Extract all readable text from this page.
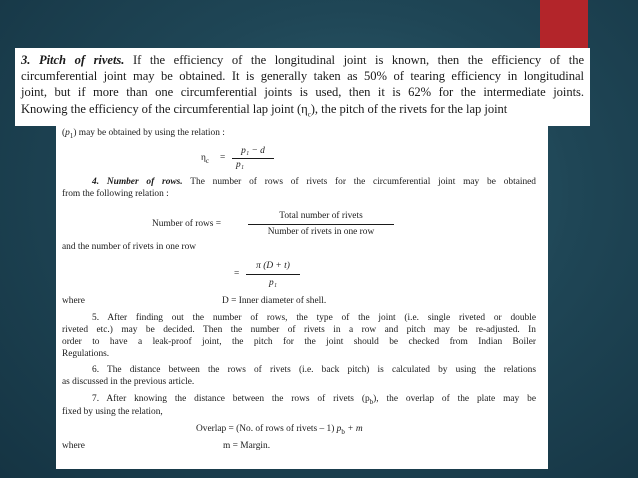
3. Pitch of rivets. If the efficiency of the longitudinal joint is known, then the efficiency of the

circumferential joint may be obtained. It is generally taken as 50% of tearing efficiency in longitudinal

joint, but if more than one circumferential joints is used, then it is 62% for the intermediate joints.

Knowing the efficiency of the circumferential lap joint $(\eta_c)$, the pitch of the rivets for the lap joint

$(p_1)$ may be obtained by using the relation :
$\eta_c$ =
p₁ − d
p₁
4. Number of rows. The number of rows of rivets for the circumferential joint may be obtained
from the following relation :
Number of rows =
Total number of rivets
Number of rivets in one row
and the number of rivets in one row
=
π (D + t)
p₁
where	D = Inner diameter of shell.
5. After finding out the number of rows, the type of the joint (i.e. single riveted or double
riveted etc.) may be decided. Then the number of rivets in a row and pitch may be re-adjusted. In
order to have a leak-proof joint, the pitch for the joint should be checked from Indian Boiler
Regulations.
6. The distance between the rows of rivets (i.e. back pitch) is calculated by using the relations
as discussed in the previous article.
7. After knowing the distance between the rows of rivets $(p_b)$, the overlap of the plate may be
fixed by using the relation,
Overlap = (No. of rows of rivets – 1) $p_b + m$
where	m = Margin.
